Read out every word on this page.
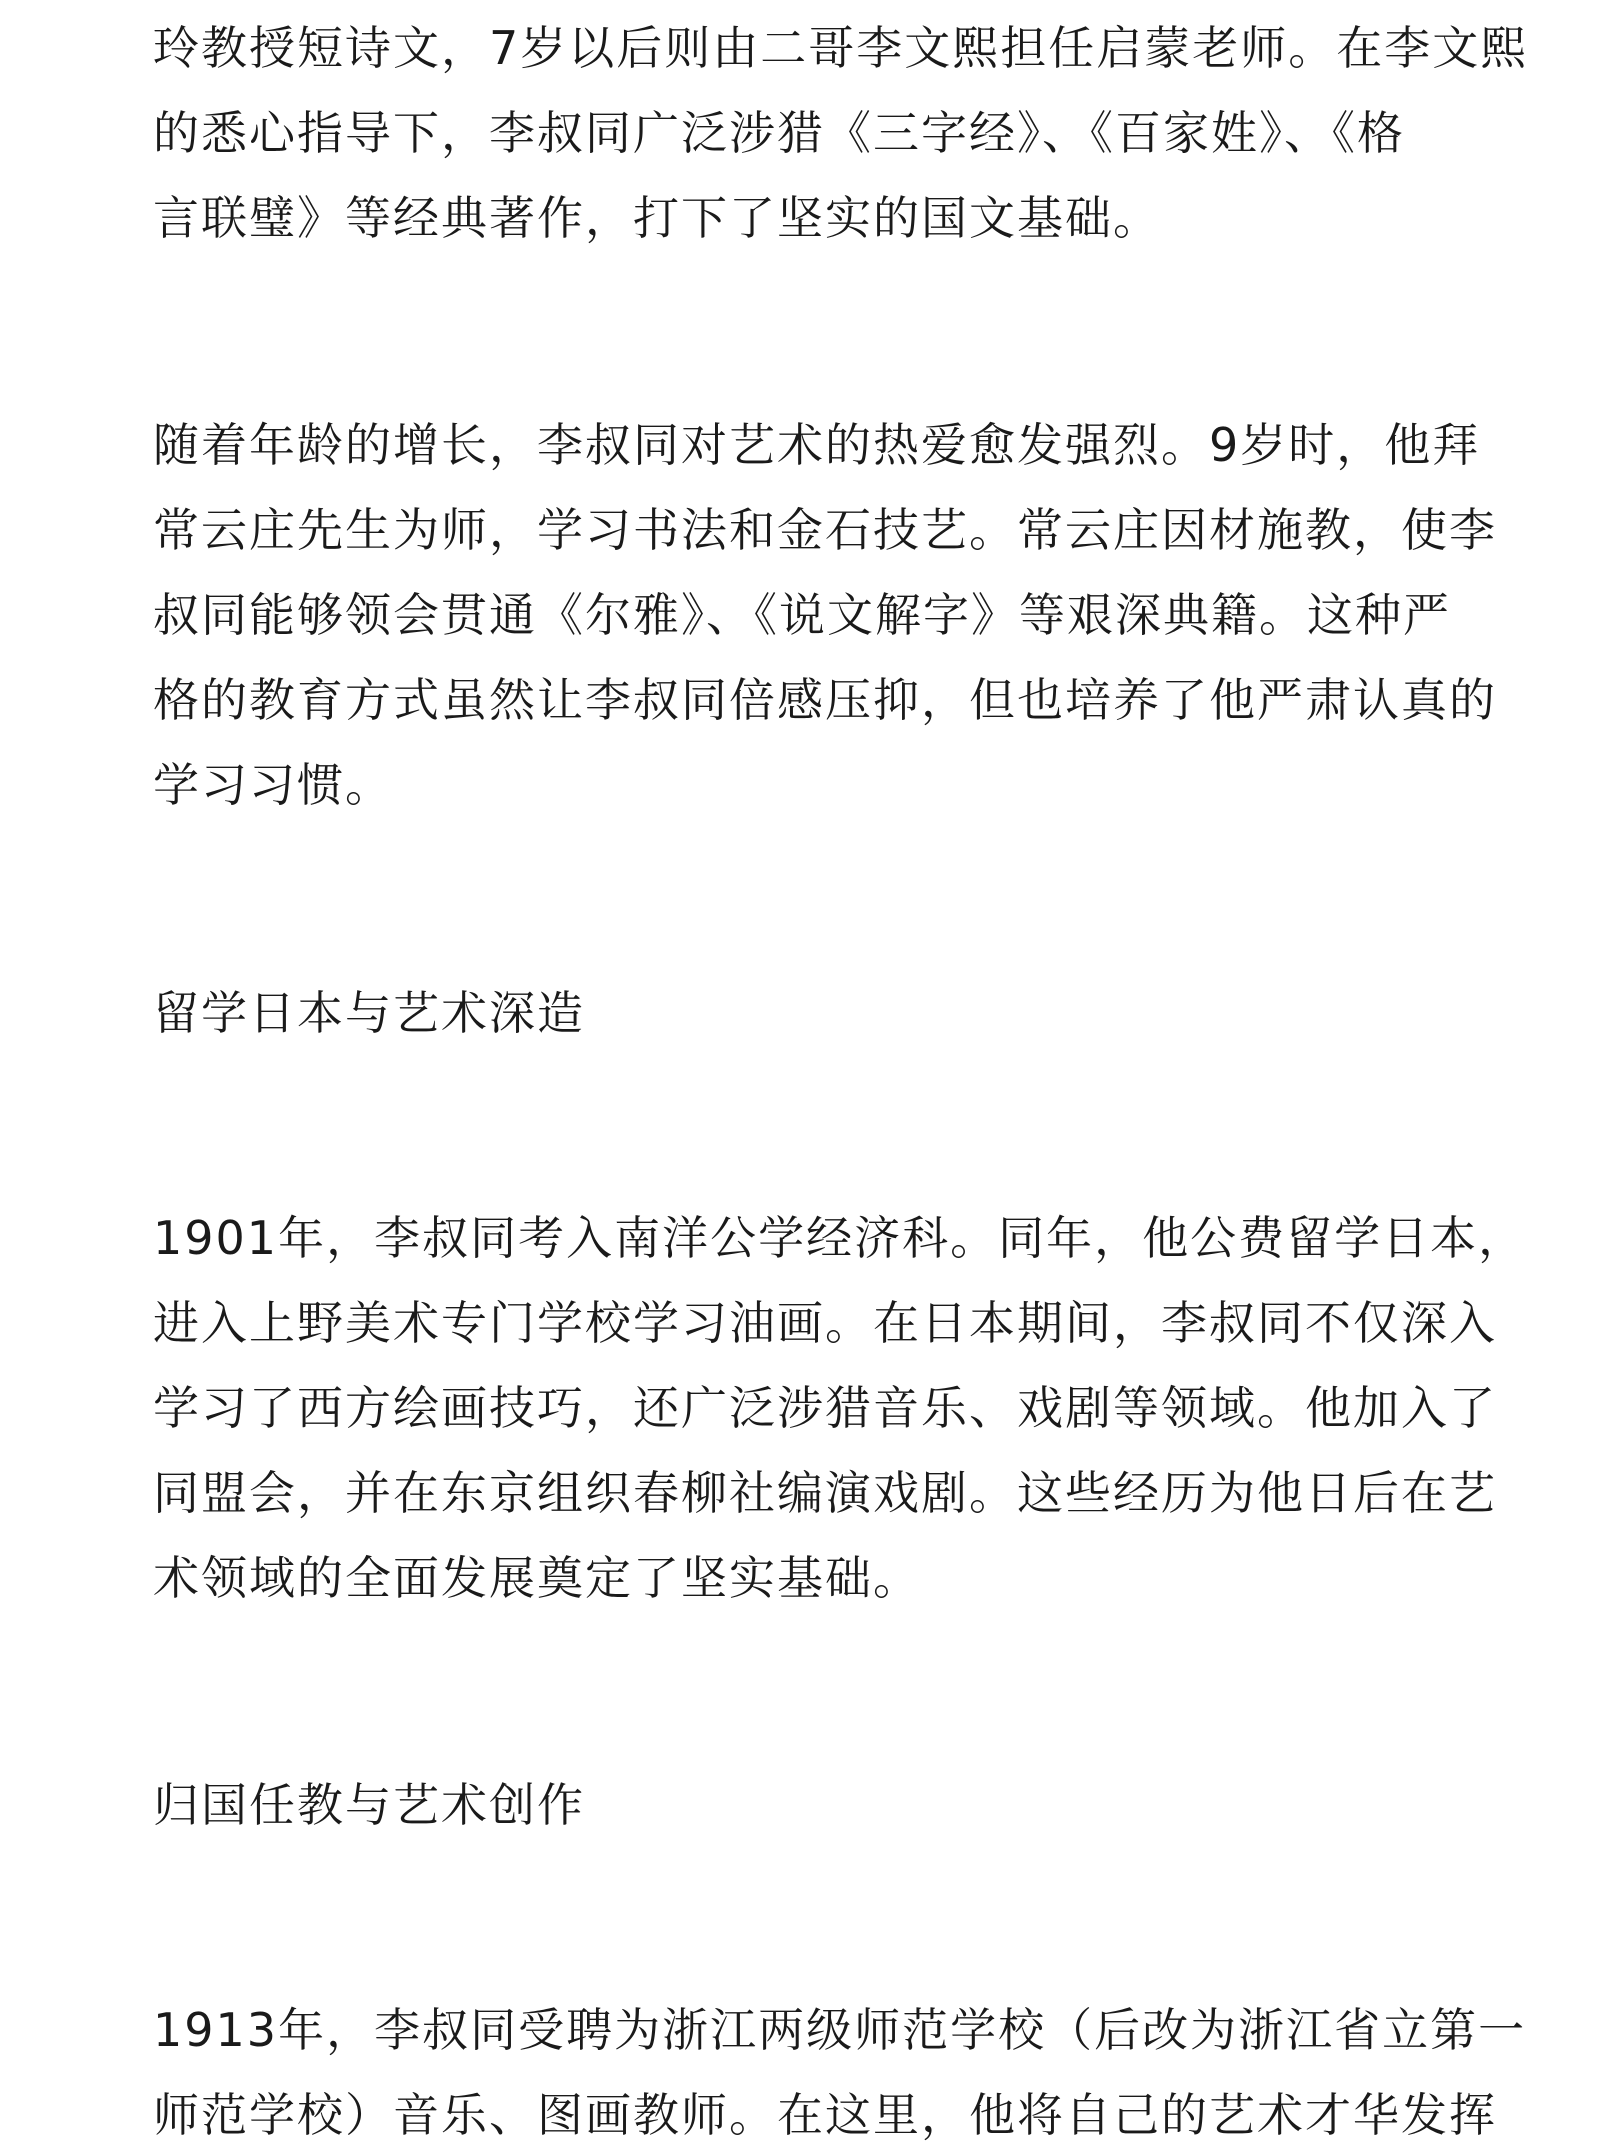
玲教授短诗文，7岁以后则由二哥李文熙担任启蒙老师。在李文熙
的悉心指导下，李叔同广泛涉猎《三字经》、《百家姓》、《格
言联璧》等经典著作，打下了坚实的国文基础。
随着年龄的增长，李叔同对艺术的热爱愈发强烈。9岁时，他拜
常云庄先生为师，学习书法和金石技艺。常云庄因材施教，使李
叔同能够领会贯通《尔雅》、《说文解字》等艰深典籍。这种严
格的教育方式虽然让李叔同倍感压抑，但也培养了他严肃认真的
学习习惯。
留学日本与艺术深造
1901年，李叔同考入南洋公学经济科。同年，他公费留学日本，
进入上野美术专门学校学习油画。在日本期间，李叔同不仅深入
学习了西方绘画技巧，还广泛涉猎音乐、戏剧等领域。他加入了
同盟会，并在东京组织春柳社编演戏剧。这些经历为他日后在艺
术领域的全面发展奠定了坚实基础。
归国任教与艺术创作
1913年，李叔同受聘为浙江两级师范学校（后改为浙江省立第一
师范学校）音乐、图画教师。在这里，他将自己的艺术才华发挥
